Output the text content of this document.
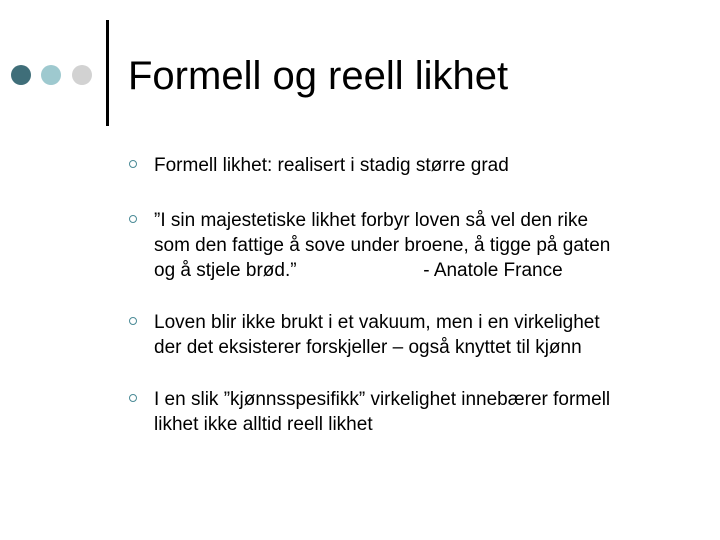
Formell og reell likhet
Formell likhet: realisert i stadig større grad
”I sin majestetiske likhet forbyr loven så vel den rike
som den fattige å sove under broene, å tigge på gaten
og å stjele brød.”                        - Anatole France
Loven blir ikke brukt i et vakuum, men i en virkelighet
der det eksisterer forskjeller – også knyttet til kjønn
I en slik ”kjønnsspesifikk” virkelighet innebærer formell
likhet ikke alltid reell likhet
